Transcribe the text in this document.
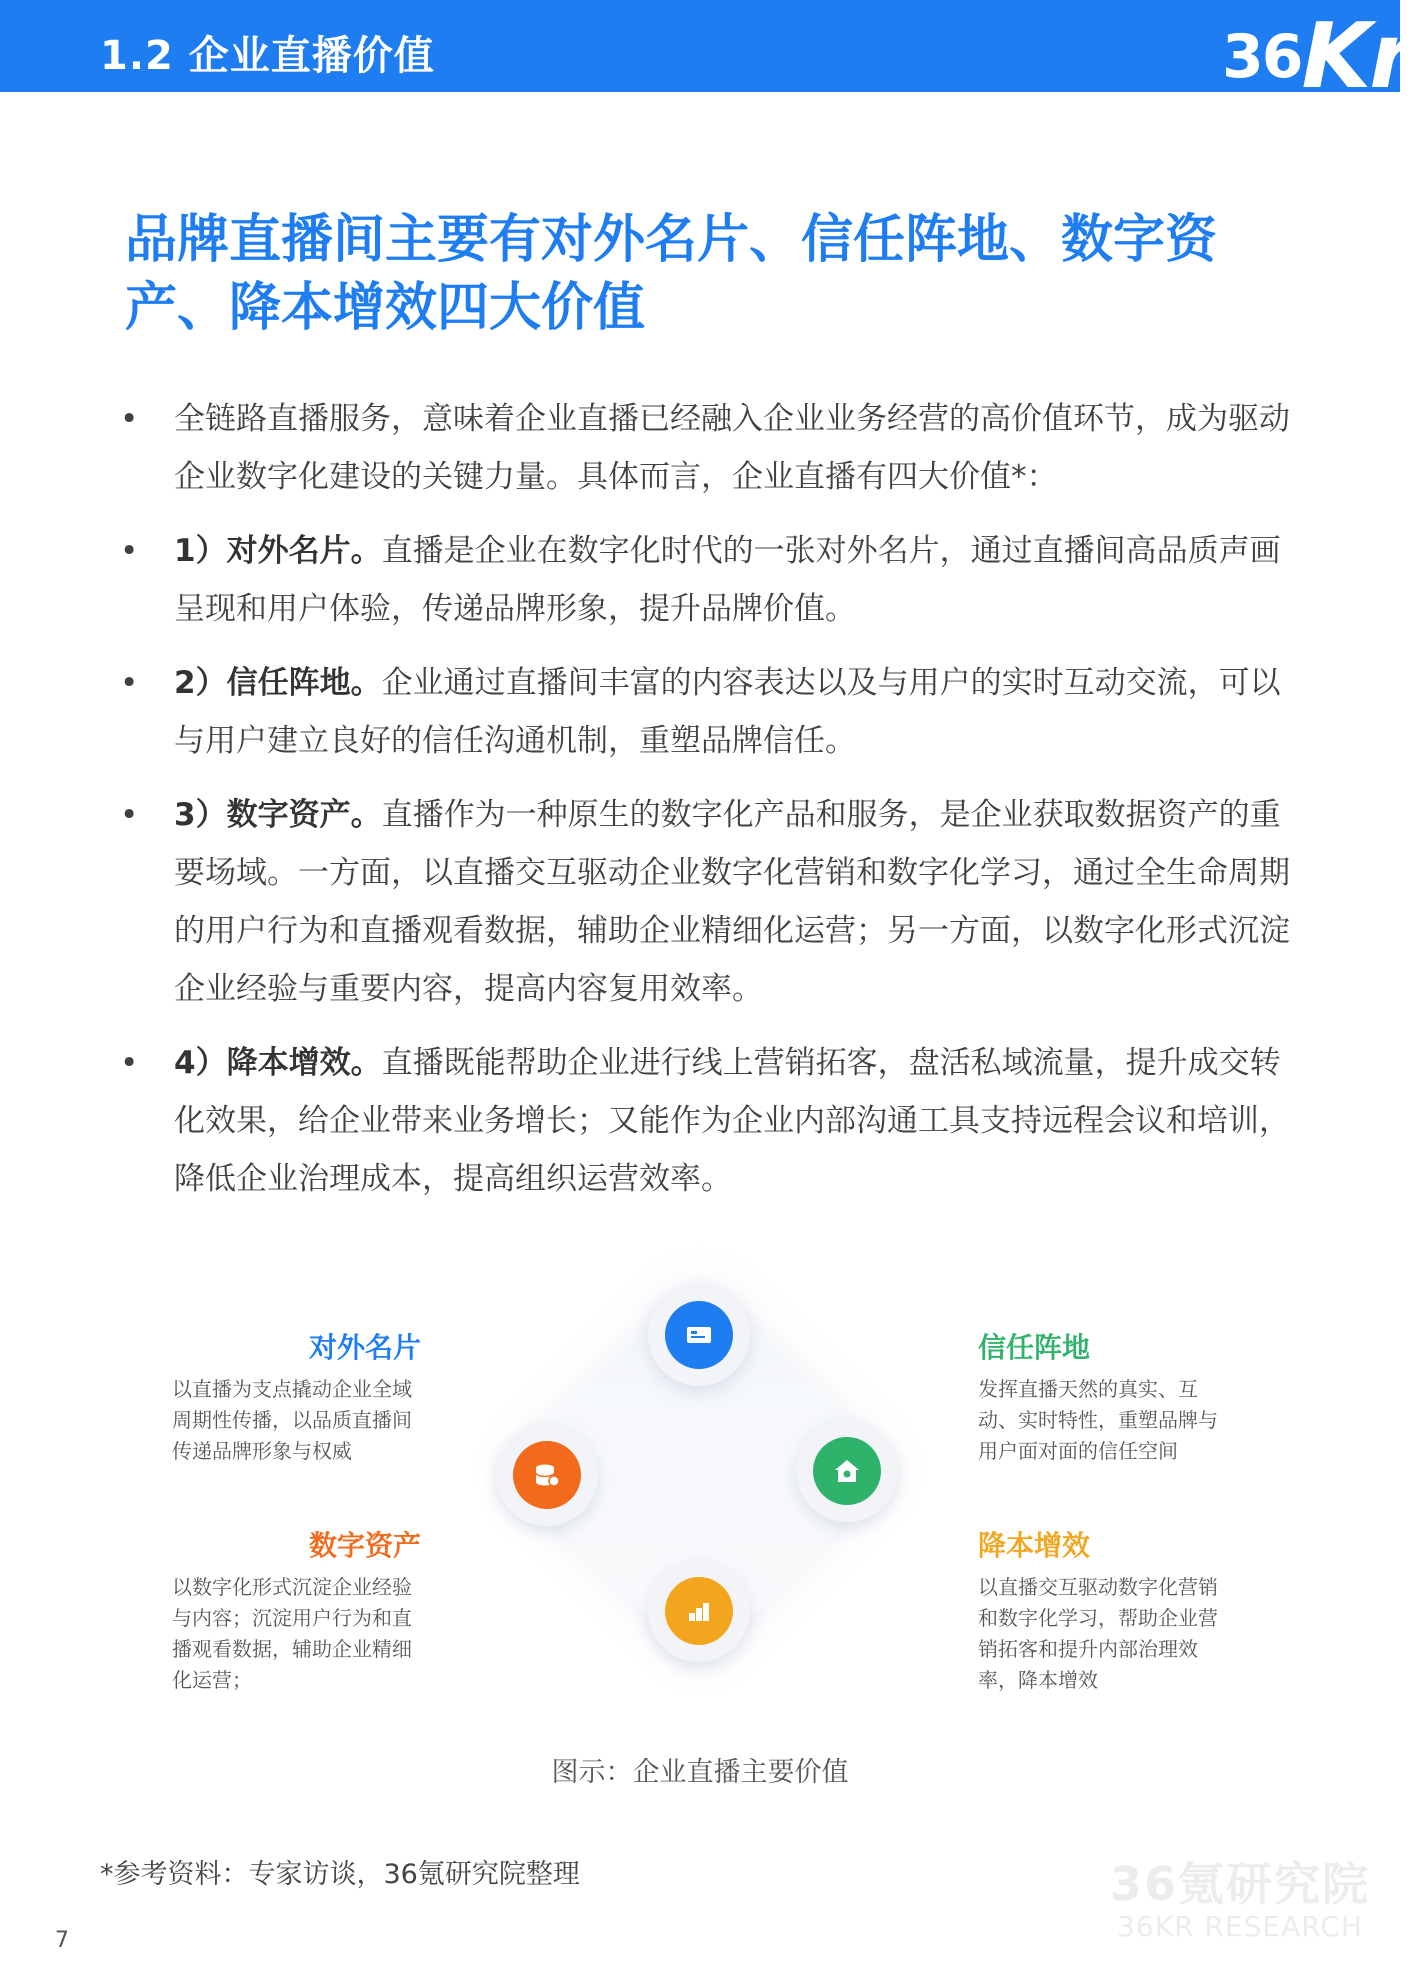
1.2 企业直播价值	36Kr
品牌直播间主要有对外名片、信任阵地、数字资产、降本增效四大价值
• 全链路直播服务，意味着企业直播已经融入企业业务经营的高价值环节，成为驱动企业数字化建设的关键力量。具体而言，企业直播有四大价值*：
• 1）对外名片。直播是企业在数字化时代的一张对外名片，通过直播间高品质声画呈现和用户体验，传递品牌形象，提升品牌价值。
• 2）信任阵地。企业通过直播间丰富的内容表达以及与用户的实时互动交流，可以与用户建立良好的信任沟通机制，重塑品牌信任。
• 3）数字资产。直播作为一种原生的数字化产品和服务，是企业获取数据资产的重要场域。一方面，以直播交互驱动企业数字化营销和数字化学习，通过全生命周期的用户行为和直播观看数据，辅助企业精细化运营；另一方面，以数字化形式沉淀企业经验与重要内容，提高内容复用效率。
• 4）降本增效。直播既能帮助企业进行线上营销拓客，盘活私域流量，提升成交转化效果，给企业带来业务增长；又能作为企业内部沟通工具支持远程会议和培训，降低企业治理成本，提高组织运营效率。
对外名片
以直播为支点撬动企业全域周期性传播，以品质直播间传递品牌形象与权威
信任阵地
发挥直播天然的真实、互动、实时特性，重塑品牌与用户面对面的信任空间
数字资产
以数字化形式沉淀企业经验与内容；沉淀用户行为和直播观看数据，辅助企业精细化运营；
降本增效
以直播交互驱动数字化营销和数字化学习，帮助企业营销拓客和提升内部治理效率，降本增效
图示：企业直播主要价值
*参考资料：专家访谈，36氪研究院整理
7
36氪研究院
36KR RESEARCH
